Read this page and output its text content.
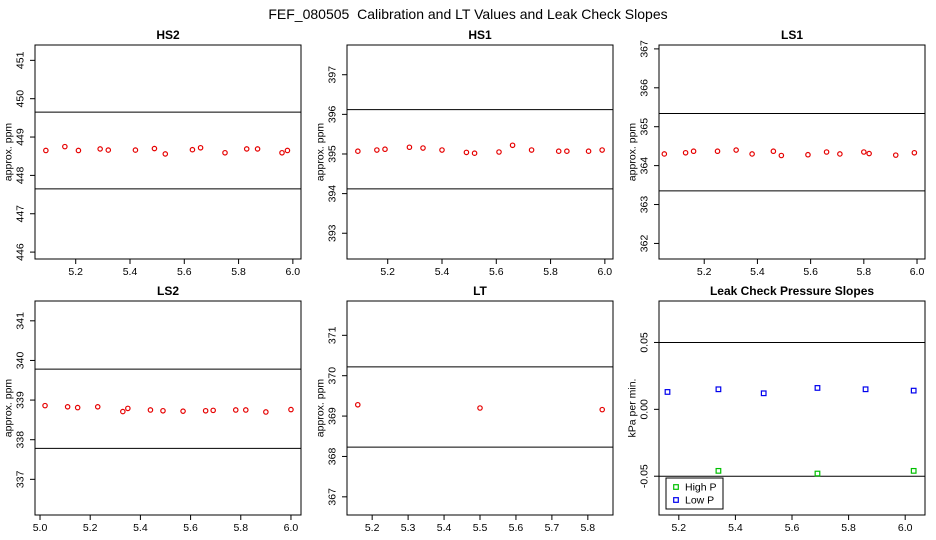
FEF_080505  Calibration and LT Values and Leak Check Slopes
5.2	5.4	5.6	5.8	6.0
446
447
448
449
450
451
approx. ppm
HS2
5.2	5.4	5.6	5.8	6.0
393
394
395
396
397
approx. ppm
HS1
5.2	5.4	5.6	5.8	6.0
362
363
364
365
366
367
approx. ppm
LS1
5.0	5.2	5.4	5.6	5.8	6.0
337
338
339
340
341
approx. ppm
LS2
5.2 5.3 5.4 5.5 5.6 5.7 5.8
367
368
369
370
371
approx. ppm
LT
5.2	5.4	5.6	5.8	6.0
-0.05
0.00
0.05
kPa per min.
Leak Check Pressure Slopes
High P
Low P
